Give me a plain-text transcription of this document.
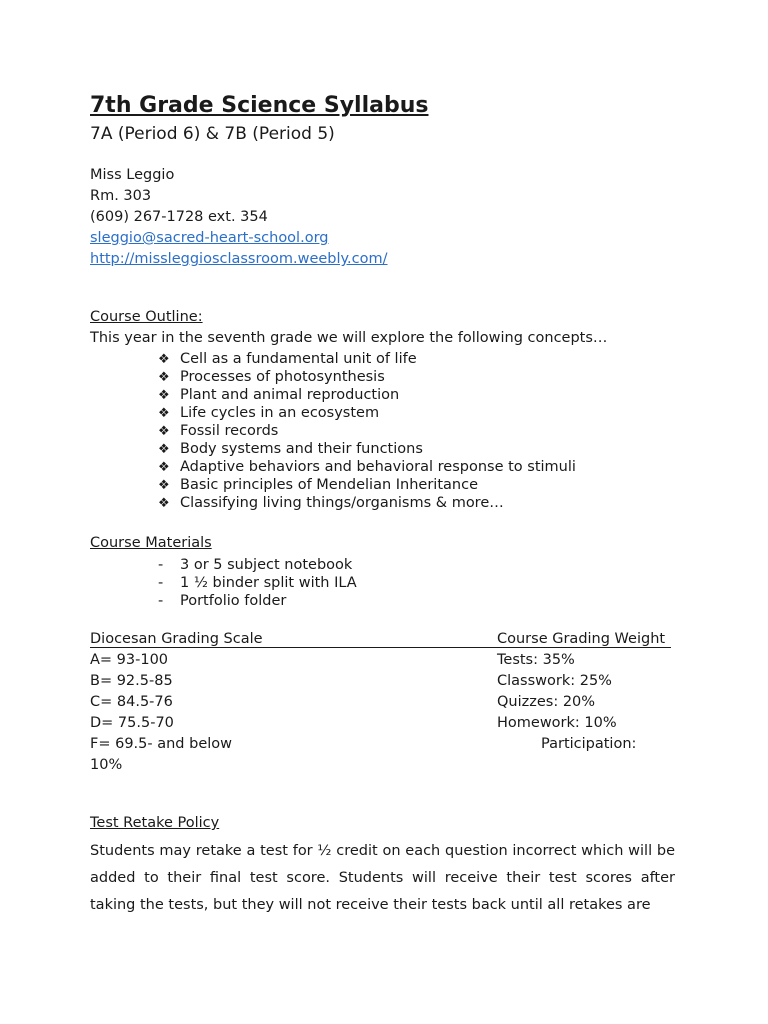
7th Grade Science Syllabus
7A (Period 6) & 7B (Period 5)
Miss Leggio
Rm. 303
(609) 267-1728 ext. 354
sleggio@sacred-heart-school.org
http://missleggiosclassroom.weebly.com/
Course Outline:
This year in the seventh grade we will explore the following concepts…
❖ Cell as a fundamental unit of life
❖ Processes of photosynthesis
❖ Plant and animal reproduction
❖ Life cycles in an ecosystem
❖ Fossil records
❖ Body systems and their functions
❖ Adaptive behaviors and behavioral response to stimuli
❖ Basic principles of Mendelian Inheritance
❖ Classifying living things/organisms & more…
Course Materials
- 3 or 5 subject notebook
- 1 ½ binder split with ILA
- Portfolio folder
Diocesan Grading Scale	Course Grading Weight
A= 93-100
B= 92.5-85
C= 84.5-76
D= 75.5-70
F= 69.5- and below
10%
Tests: 35%
Classwork: 25%
Quizzes: 20%
Homework: 10%
Participation:
Test Retake Policy
Students may retake a test for ½ credit on each question incorrect which will be added to their final test score. Students will receive their test scores after taking the tests, but they will not receive their tests back until all retakes are
